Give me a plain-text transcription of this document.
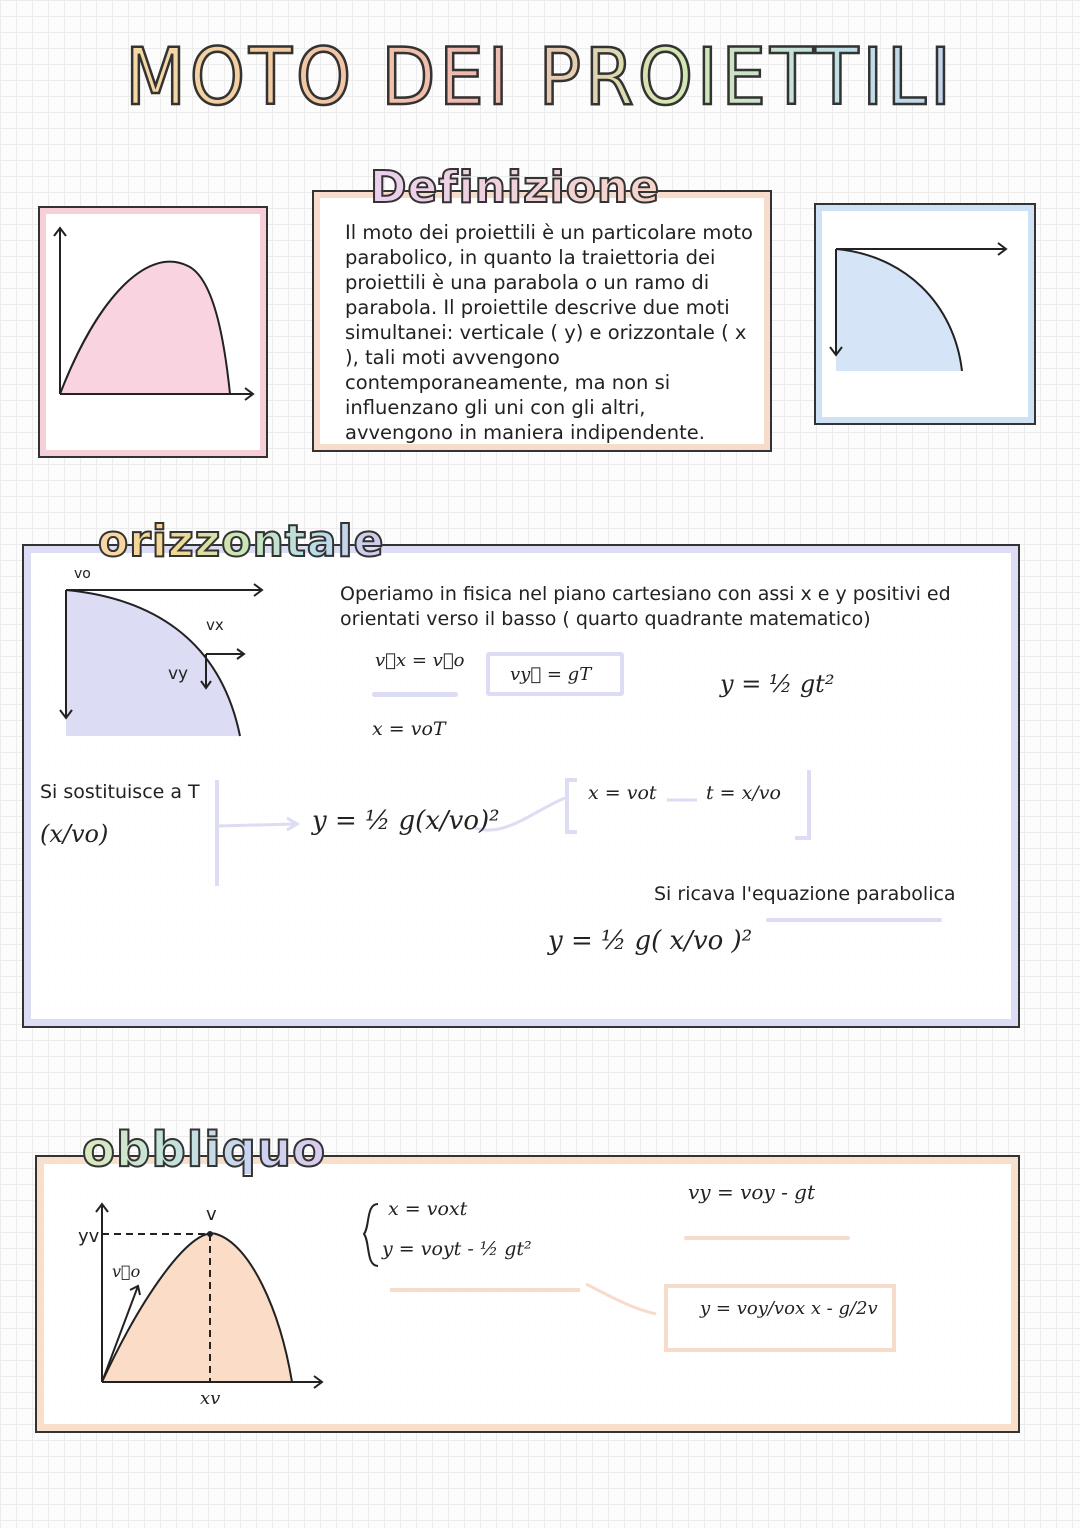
MOTO DEI PROIETTILI
Definizione
Il moto dei proiettili è un particolare moto parabolico, in quanto la traiettoria dei proiettili è una parabola o un ramo di parabola. Il proiettile descrive due moti simultanei: verticale ( y) e orizzontale ( x ), tali moti avvengono contemporaneamente, ma non si influenzano gli uni con gli altri, avvengono in maniera indipendente.
orizzontale
vo
vx
vy
Operiamo in fisica nel piano cartesiano con assi x e y positivi ed orientati verso il basso ( quarto quadrante matematico)
v⃗x = v⃗o
x = voT
vy⃗ = gT	y = ½ gt²
Si sostituisce a T
(x/vo)	y = ½ g(x/vo)²
x = vot	t = x/vo
Si ricava l'equazione parabolica
y = ½ g( x/vo )²
obbliquo
yv
v
v⃗o
xv
x = voxt
y = voyt - ½ gt²
vy = voy - gt
y = voy/vox x - g/2v
